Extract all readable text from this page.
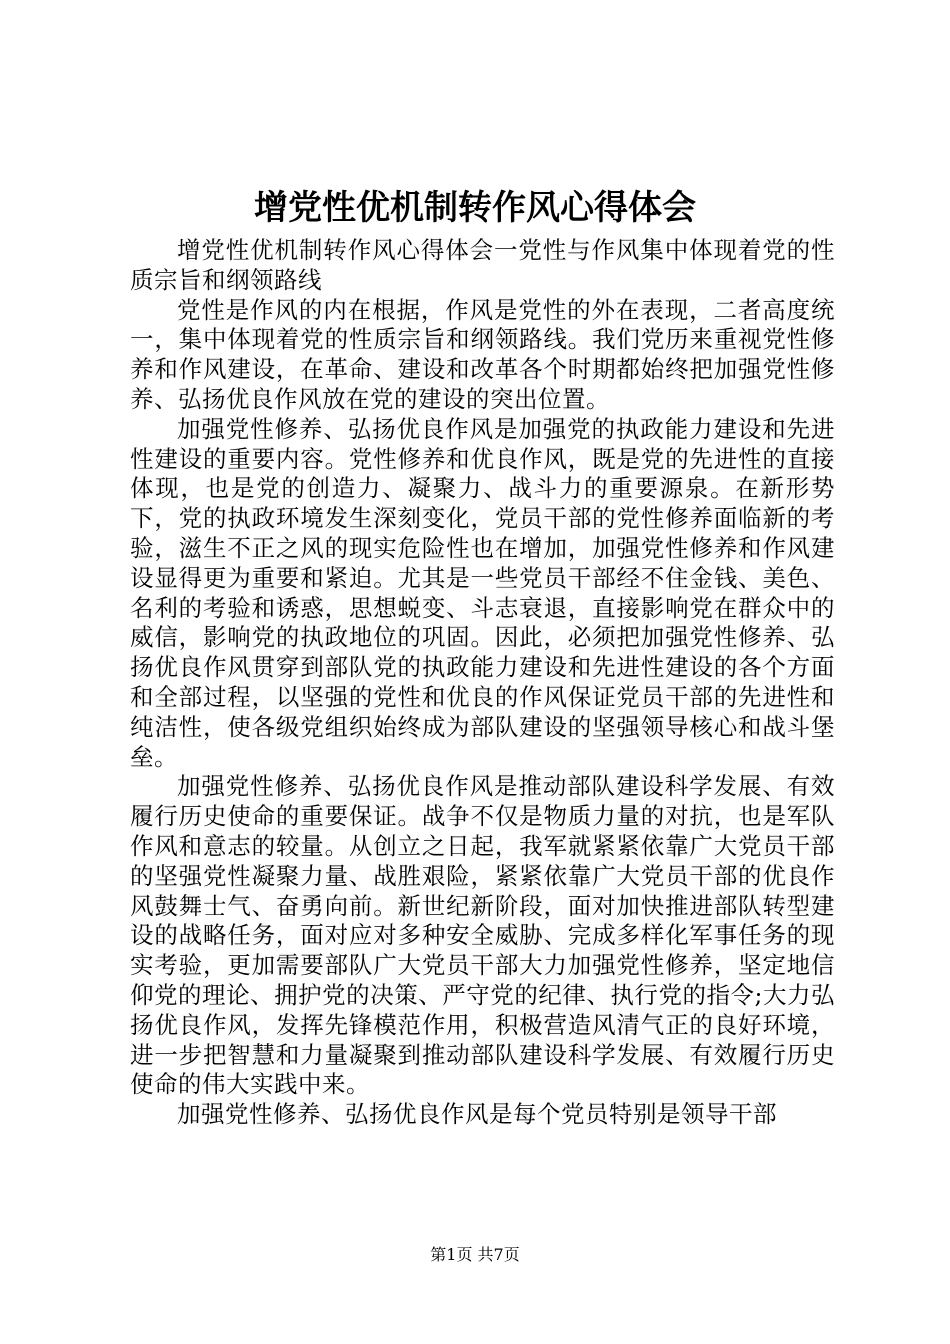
增党性优机制转作风心得体会

增党性优机制转作风心得体会一党性与作风集中体现着党的性质宗旨和纲领路线

党性是作风的内在根据，作风是党性的外在表现，二者高度统一，集中体现着党的性质宗旨和纲领路线。我们党历来重视党性修养和作风建设，在革命、建设和改革各个时期都始终把加强党性修养、弘扬优良作风放在党的建设的突出位置。

加强党性修养、弘扬优良作风是加强党的执政能力建设和先进性建设的重要内容。党性修养和优良作风，既是党的先进性的直接体现，也是党的创造力、凝聚力、战斗力的重要源泉。在新形势下，党的执政环境发生深刻变化，党员干部的党性修养面临新的考验，滋生不正之风的现实危险性也在增加，加强党性修养和作风建设显得更为重要和紧迫。尤其是一些党员干部经不住金钱、美色、名利的考验和诱惑，思想蜕变、斗志衰退，直接影响党在群众中的威信，影响党的执政地位的巩固。因此，必须把加强党性修养、弘扬优良作风贯穿到部队党的执政能力建设和先进性建设的各个方面和全部过程，以坚强的党性和优良的作风保证党员干部的先进性和纯洁性，使各级党组织始终成为部队建设的坚强领导核心和战斗堡垒。

加强党性修养、弘扬优良作风是推动部队建设科学发展、有效履行历史使命的重要保证。战争不仅是物质力量的对抗，也是军队作风和意志的较量。从创立之日起，我军就紧紧依靠广大党员干部的坚强党性凝聚力量、战胜艰险，紧紧依靠广大党员干部的优良作风鼓舞士气、奋勇向前。新世纪新阶段，面对加快推进部队转型建设的战略任务，面对应对多种安全威胁、完成多样化军事任务的现实考验，更加需要部队广大党员干部大力加强党性修养，坚定地信仰党的理论、拥护党的决策、严守党的纪律、执行党的指令;大力弘扬优良作风，发挥先锋模范作用，积极营造风清气正的良好环境，进一步把智慧和力量凝聚到推动部队建设科学发展、有效履行历史使命的伟大实践中来。

加强党性修养、弘扬优良作风是每个党员特别是领导干部

第1页 共7页
